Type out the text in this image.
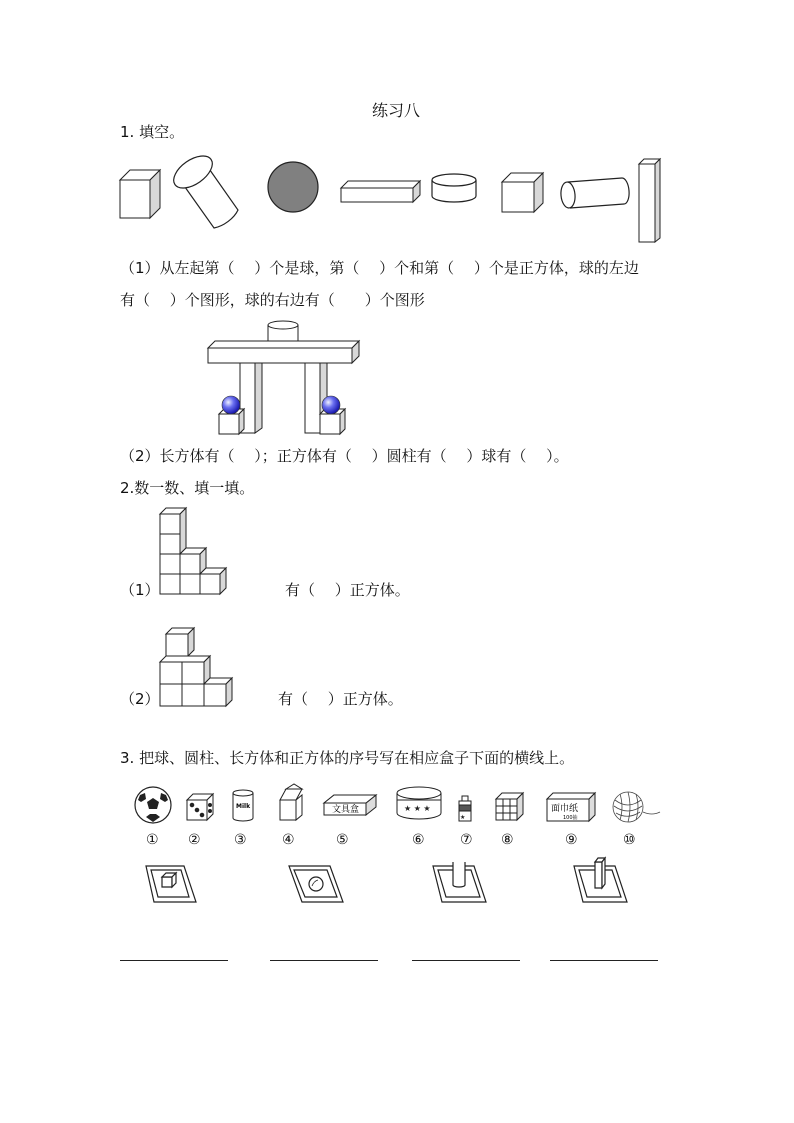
练习八
1. 填空。
（1）从左起第（　 ）个是球，第（　 ）个和第（　 ）个是正方体，球的左边
有（　 ）个图形，球的右边有（　　）个图形
（2）长方体有（　 ）；正方体有（　 ）圆柱有（　 ）球有（　 ）。
2.数一数、填一填。
（1）	有（　 ）正方体。
（2）	有（　 ）正方体。
3. 把球、圆柱、长方体和正方体的序号写在相应盒子下面的横线上。
Milk	文具盒	★ ★ ★
★
面巾纸
100抽
① ② ③	④	⑤	⑥	⑦ ⑧	⑨	⑩
